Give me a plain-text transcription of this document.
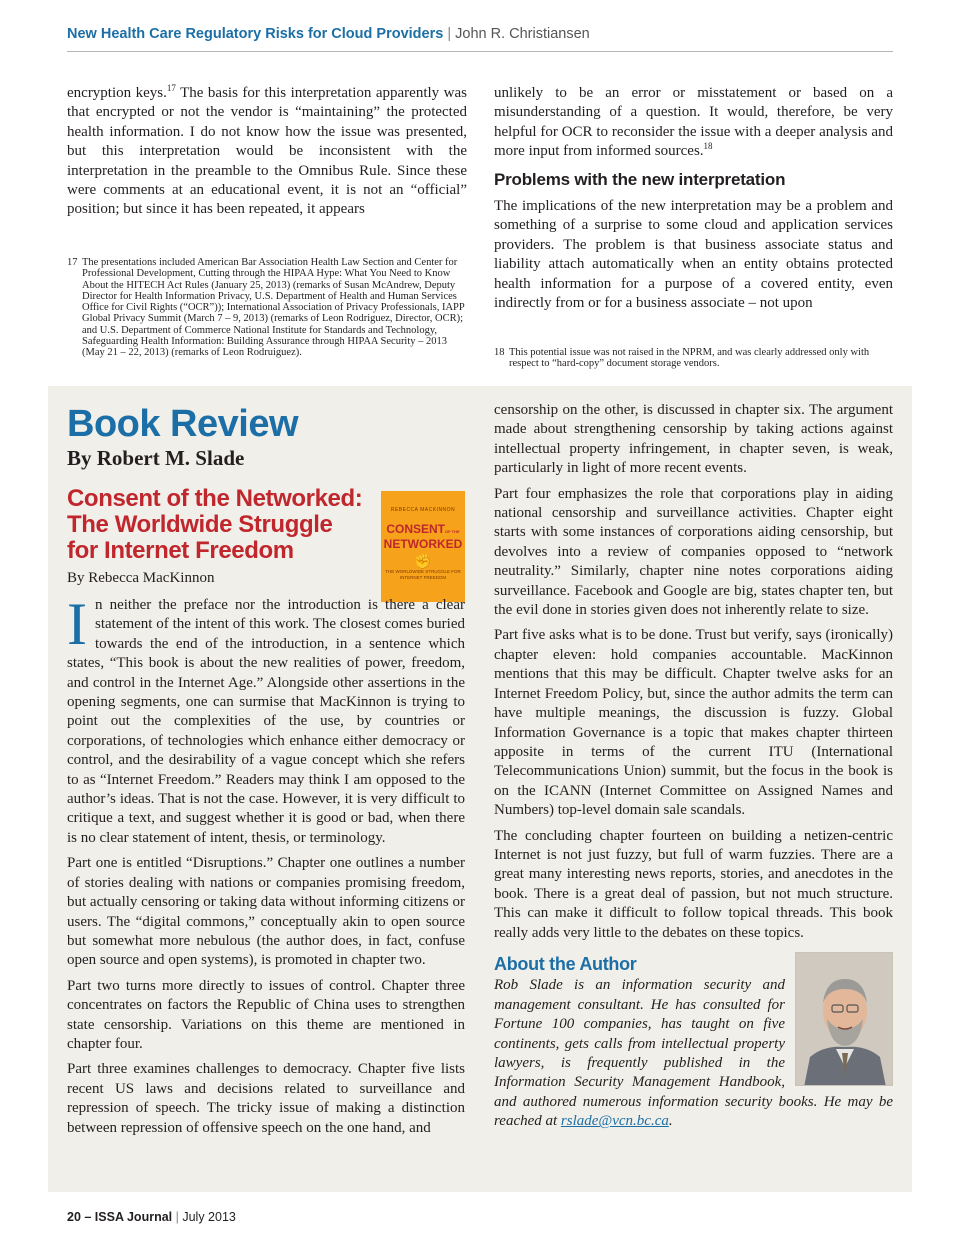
New Health Care Regulatory Risks for Cloud Providers | John R. Christiansen

encryption keys.$^{17}$ The basis for this interpretation apparently was that encrypted or not the vendor is “maintaining” the protected health information. I do not know how the issue was presented, but this interpretation would be inconsistent with the interpretation in the preamble to the Omnibus Rule. Since these were comments at an educational event, it is not an “official” position; but since it has been repeated, it appears

unlikely to be an error or misstatement or based on a misunderstanding of a question. It would, therefore, be very helpful for OCR to reconsider the issue with a deeper analysis and more input from informed sources.$^{18}$

Problems with the new interpretation

The implications of the new interpretation may be a problem and something of a surprise to some cloud and application services providers. The problem is that business associate status and liability attach automatically when an entity obtains protected health information for a purpose of a covered entity, even indirectly from or for a business associate – not upon

17 The presentations included American Bar Association Health Law Section and Center for Professional Development, Cutting through the HIPAA Hype: What You Need to Know About the HITECH Act Rules (January 25, 2013) (remarks of Susan McAndrew, Deputy Director for Health Information Privacy, U.S. Department of Health and Human Services Office for Civil Rights (“OCR”)); International Association of Privacy Professionals, IAPP Global Privacy Summit (March 7 – 9, 2013) (remarks of Leon Rodriguez, Director, OCR); and U.S. Department of Commerce National Institute for Standards and Technology, Safeguarding Health Information: Building Assurance through HIPAA Security – 2013 (May 21 – 22, 2013) (remarks of Leon Rodruiguez).	18 This potential issue was not raised in the NPRM, and was clearly addressed only with respect to “hard-copy” document storage vendors.
Book Review
By Robert M. Slade
Consent of the Networked: The Worldwide Struggle for Internet Freedom
By Rebecca MacKinnon
REBECCA MACKINNON
CONSENTOF THE
NETWORKED
✊
THE WORLDWIDE STRUGGLE FOR INTERNET FREEDOM

In neither the preface nor the introduction is there a clear statement of the intent of this work. The closest comes buried towards the end of the introduction, in a sentence which states, “This book is about the new realities of power, freedom, and control in the Internet Age.” Alongside other assertions in the opening segments, one can surmise that MacKinnon is trying to point out the complexities of the use, by countries or corporations, of technologies which enhance either democracy or control, and the desirability of a vague concept which she refers to as “Internet Freedom.” Readers may think I am opposed to the author’s ideas. That is not the case. However, it is very difficult to critique a text, and suggest whether it is good or bad, when there is no clear statement of intent, thesis, or terminology.

Part one is entitled “Disruptions.” Chapter one outlines a number of stories dealing with nations or companies promising freedom, but actually censoring or taking data without informing citizens or users. The “digital commons,” conceptually akin to open source but somewhat more nebulous (the author does, in fact, confuse open source and open systems), is promoted in chapter two.

Part two turns more directly to issues of control. Chapter three concentrates on factors the Republic of China uses to strengthen state censorship. Variations on this theme are mentioned in chapter four.

Part three examines challenges to democracy. Chapter five lists recent US laws and decisions related to surveillance and repression of speech. The tricky issue of making a distinction between repression of offensive speech on the one hand, and

censorship on the other, is discussed in chapter six. The argument made about strengthening censorship by taking actions against intellectual property infringement, in chapter seven, is weak, particularly in light of more recent events.

Part four emphasizes the role that corporations play in aiding national censorship and surveillance activities. Chapter eight starts with some instances of corporations aiding censorship, but devolves into a review of companies opposed to “network neutrality.” Similarly, chapter nine notes corporations aiding surveillance. Facebook and Google are big, states chapter ten, but the evil done in stories given does not inherently relate to size.

Part five asks what is to be done. Trust but verify, says (ironically) chapter eleven: hold companies accountable. MacKinnon mentions that this may be difficult. Chapter twelve asks for an Internet Freedom Policy, but, since the author admits the term can have multiple meanings, the discussion is fuzzy. Global Information Governance is a topic that makes chapter thirteen apposite in terms of the current ITU (International Telecommunications Union) summit, but the focus in the book is on the ICANN (Internet Committee on Assigned Names and Numbers) top-level domain sale scandals.

The concluding chapter fourteen on building a netizen-centric Internet is not just fuzzy, but full of warm fuzzies. There are a great many interesting news reports, stories, and anecdotes in the book. There is a great deal of passion, but not much structure. This can make it difficult to follow topical threads. This book really adds very little to the debates on these topics.

About the Author

Rob Slade is an information security and management consultant. He has consulted for Fortune 100 companies, has taught on five continents, gets calls from intellectual property lawyers, is frequently published in the Information Security Management Handbook, and authored numerous information security books. He may be reached at rslade@vcn.bc.ca.

20 – ISSA Journal | July 2013
